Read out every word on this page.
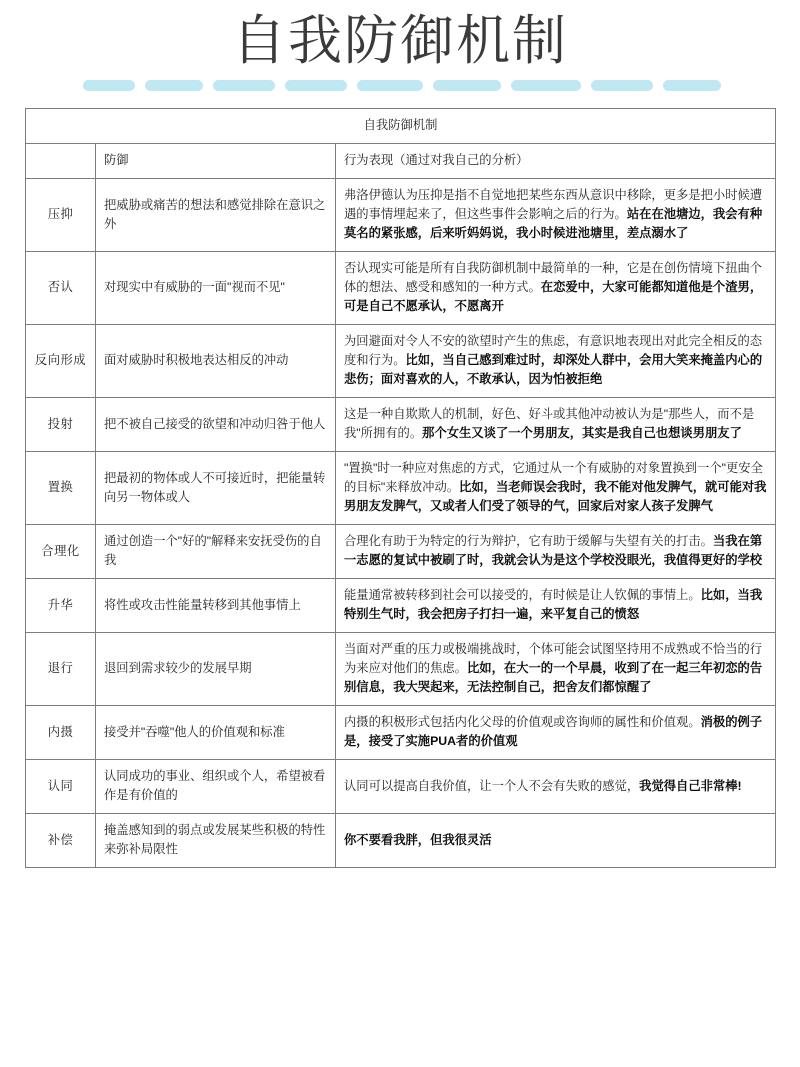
自我防御机制
自我防御机制		
	防御	行为表现（通过对我自己的分析）
压抑	把威胁或痛苦的想法和感觉排除在意识之外	弗洛伊德认为压抑是指不自觉地把某些东西从意识中移除，更多是把小时候遭遇的事情埋起来了，但这些事件会影响之后的行为。站在在池塘边，我会有种莫名的紧张感，后来听妈妈说，我小时候进池塘里，差点溺水了
否认	对现实中有威胁的一面"视而不见"	否认现实可能是所有自我防御机制中最简单的一种，它是在创伤情境下扭曲个体的想法、感受和感知的一种方式。在恋爱中，大家可能都知道他是个渣男，可是自己不愿承认，不愿离开
反向形成	面对威胁时积极地表达相反的冲动	为回避面对令人不安的欲望时产生的焦虑，有意识地表现出对此完全相反的态度和行为。比如，当自己感到难过时，却深处人群中，会用大笑来掩盖内心的悲伤；面对喜欢的人，不敢承认，因为怕被拒绝
投射	把不被自己接受的欲望和冲动归咎于他人	这是一种自欺欺人的机制，好色、好斗或其他冲动被认为是"那些人，而不是我"所拥有的。那个女生又谈了一个男朋友，其实是我自己也想谈男朋友了
置换	把最初的物体或人不可接近时，把能量转向另一物体或人	"置换"时一种应对焦虑的方式，它通过从一个有威胁的对象置换到一个"更安全的目标"来释放冲动。比如，当老师误会我时，我不能对他发脾气，就可能对我男朋友发脾气，又或者人们受了领导的气，回家后对家人孩子发脾气
合理化	通过创造一个"好的"解释来安抚受伤的自我	合理化有助于为特定的行为辩护，它有助于缓解与失望有关的打击。当我在第一志愿的复试中被刷了时，我就会认为是这个学校没眼光，我值得更好的学校
升华	将性或攻击性能量转移到其他事情上	能量通常被转移到社会可以接受的，有时候是让人钦佩的事情上。比如，当我特别生气时，我会把房子打扫一遍，来平复自己的愤怒
退行	退回到需求较少的发展早期	当面对严重的压力或极端挑战时，个体可能会试图坚持用不成熟或不恰当的行为来应对他们的焦虑。比如，在大一的一个早晨，收到了在一起三年初恋的告别信息，我大哭起来，无法控制自己，把舍友们都惊醒了
内摄	接受并"吞噬"他人的价值观和标准	内摄的积极形式包括内化父母的价值观或咨询师的属性和价值观。消极的例子是，接受了实施PUA者的价值观
认同	认同成功的事业、组织或个人，希望被看作是有价值的	认同可以提高自我价值，让一个人不会有失败的感觉，我觉得自己非常棒!
补偿	掩盖感知到的弱点或发展某些积极的特性来弥补局限性	你不要看我胖，但我很灵活
